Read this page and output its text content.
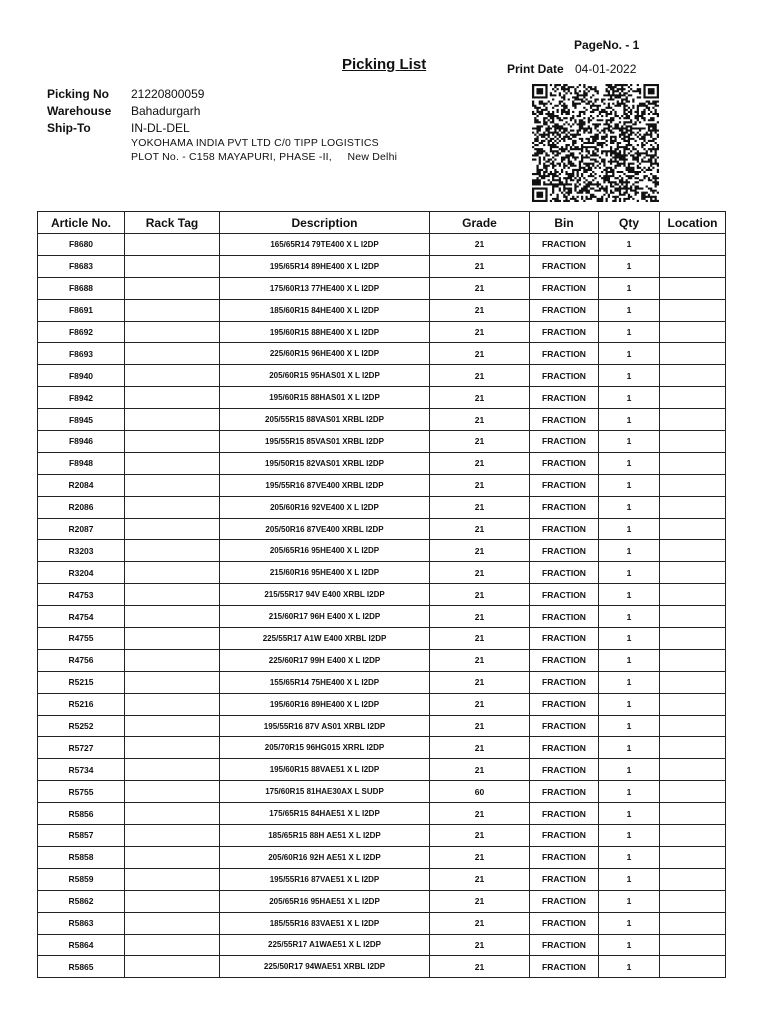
PageNo. - 1
Picking List	Print Date 04-01-2022
Picking No 21220800059
Warehouse Bahadurgarh
Ship-To	IN-DL-DEL
YOKOHAMA INDIA PVT LTD C/0 TIPP LOGISTICS
PLOT No. - C158 MAYAPURI, PHASE -II,     New Delhi
Article No.	Rack Tag	Description	Grade	Bin	Qty	Location
F8680		165/65R14 79TE400 X L I2DP	21	FRACTION	1	
F8683		195/65R14 89HE400 X L I2DP	21	FRACTION	1	
F8688		175/60R13 77HE400 X L I2DP	21	FRACTION	1	
F8691		185/60R15 84HE400 X L I2DP	21	FRACTION	1	
F8692		195/60R15 88HE400 X L I2DP	21	FRACTION	1	
F8693		225/60R15 96HE400 X L I2DP	21	FRACTION	1	
F8940		205/60R15 95HAS01 X L I2DP	21	FRACTION	1	
F8942		195/60R15 88HAS01 X L I2DP	21	FRACTION	1	
F8945		205/55R15 88VAS01 XRBL I2DP	21	FRACTION	1	
F8946		195/55R15 85VAS01 XRBL I2DP	21	FRACTION	1	
F8948		195/50R15 82VAS01 XRBL I2DP	21	FRACTION	1	
R2084		195/55R16 87VE400 XRBL I2DP	21	FRACTION	1	
R2086		205/60R16 92VE400 X L I2DP	21	FRACTION	1	
R2087		205/50R16 87VE400 XRBL I2DP	21	FRACTION	1	
R3203		205/65R16 95HE400 X L I2DP	21	FRACTION	1	
R3204		215/60R16 95HE400 X L I2DP	21	FRACTION	1	
R4753		215/55R17 94V E400 XRBL I2DP	21	FRACTION	1	
R4754		215/60R17 96H E400 X L I2DP	21	FRACTION	1	
R4755		225/55R17 A1W E400 XRBL I2DP	21	FRACTION	1	
R4756		225/60R17 99H E400 X L I2DP	21	FRACTION	1	
R5215		155/65R14 75HE400 X L I2DP	21	FRACTION	1	
R5216		195/60R16 89HE400 X L I2DP	21	FRACTION	1	
R5252		195/55R16 87V AS01 XRBL I2DP	21	FRACTION	1	
R5727		205/70R15 96HG015 XRRL I2DP	21	FRACTION	1	
R5734		195/60R15 88VAE51 X L I2DP	21	FRACTION	1	
R5755		175/60R15 81HAE30AX L SUDP	60	FRACTION	1	
R5856		175/65R15 84HAE51 X L I2DP	21	FRACTION	1	
R5857		185/65R15 88H AE51 X L I2DP	21	FRACTION	1	
R5858		205/60R16 92H AE51 X L I2DP	21	FRACTION	1	
R5859		195/55R16 87VAE51 X L I2DP	21	FRACTION	1	
R5862		205/65R16 95HAE51 X L I2DP	21	FRACTION	1	
R5863		185/55R16 83VAE51 X L I2DP	21	FRACTION	1	
R5864		225/55R17 A1WAE51 X L I2DP	21	FRACTION	1	
R5865		225/50R17 94WAE51 XRBL I2DP	21	FRACTION	1	
